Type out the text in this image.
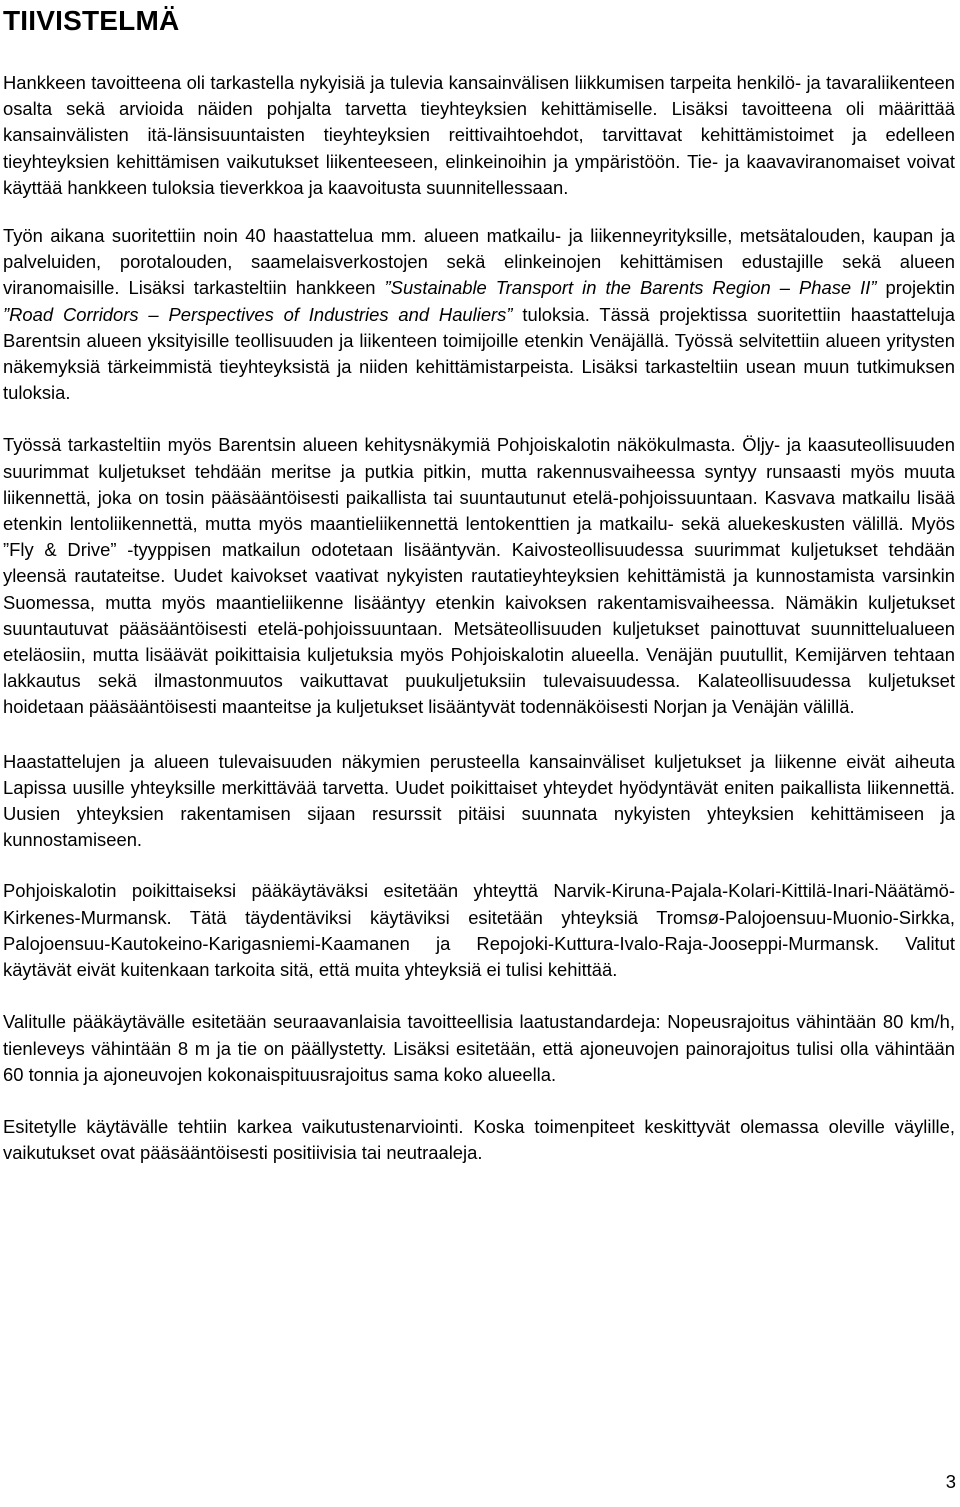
TIIVISTELMÄ

Hankkeen tavoitteena oli tarkastella nykyisiä ja tulevia kansainvälisen liikkumisen tarpeita henkilö- ja tavaraliikenteen osalta sekä arvioida näiden pohjalta tarvetta tieyhteyksien kehittämiselle. Lisäksi tavoitteena oli määrittää kansainvälisten itä-länsisuuntaisten tieyhteyksien reittivaihtoehdot, tarvittavat kehittämistoimet ja edelleen tieyhteyksien kehittämisen vaikutukset liikenteeseen, elinkeinoihin ja ympäristöön. Tie- ja kaavaviranomaiset voivat käyttää hankkeen tuloksia tieverkkoa ja kaavoitusta suunnitellessaan.

Työn aikana suoritettiin noin 40 haastattelua mm. alueen matkailu- ja liikenneyrityksille, metsätalouden, kaupan ja palveluiden, porotalouden, saamelaisverkostojen sekä elinkeinojen kehittämisen edustajille sekä alueen viranomaisille. Lisäksi tarkasteltiin hankkeen ”Sustainable Transport in the Barents Region – Phase II” projektin ”Road Corridors – Perspectives of Industries and Hauliers” tuloksia. Tässä projektissa suoritettiin haastatteluja Barentsin alueen yksityisille teollisuuden ja liikenteen toimijoille etenkin Venäjällä. Työssä selvitettiin alueen yritysten näkemyksiä tärkeimmistä tieyhteyksistä ja niiden kehittämistarpeista. Lisäksi tarkasteltiin usean muun tutkimuksen tuloksia.

Työssä tarkasteltiin myös Barentsin alueen kehitysnäkymiä Pohjoiskalotin näkökulmasta. Öljy- ja kaasuteollisuuden suurimmat kuljetukset tehdään meritse ja putkia pitkin, mutta rakennusvaiheessa syntyy runsaasti myös muuta liikennettä, joka on tosin pääsääntöisesti paikallista tai suuntautunut etelä-pohjoissuuntaan. Kasvava matkailu lisää etenkin lentoliikennettä, mutta myös maantieliikennettä lentokenttien ja matkailu- sekä aluekeskusten välillä. Myös ”Fly & Drive” -tyyppisen matkailun odotetaan lisääntyvän. Kaivosteollisuudessa suurimmat kuljetukset tehdään yleensä rautateitse. Uudet kaivokset vaativat nykyisten rautatieyhteyksien kehittämistä ja kunnostamista varsinkin Suomessa, mutta myös maantieliikenne lisääntyy etenkin kaivoksen rakentamisvaiheessa. Nämäkin kuljetukset suuntautuvat pääsääntöisesti etelä-pohjoissuuntaan. Metsäteollisuuden kuljetukset painottuvat suunnittelualueen eteläosiin, mutta lisäävät poikittaisia kuljetuksia myös Pohjoiskalotin alueella. Venäjän puutullit, Kemijärven tehtaan lakkautus sekä ilmastonmuutos vaikuttavat puukuljetuksiin tulevaisuudessa. Kalateollisuudessa kuljetukset hoidetaan pääsääntöisesti maanteitse ja kuljetukset lisääntyvät todennäköisesti Norjan ja Venäjän välillä.

Haastattelujen ja alueen tulevaisuuden näkymien perusteella kansainväliset kuljetukset ja liikenne eivät aiheuta Lapissa uusille yhteyksille merkittävää tarvetta. Uudet poikittaiset yhteydet hyödyntävät eniten paikallista liikennettä. Uusien yhteyksien rakentamisen sijaan resurssit pitäisi suunnata nykyisten yhteyksien kehittämiseen ja kunnostamiseen.

Pohjoiskalotin poikittaiseksi pääkäytäväksi esitetään yhteyttä Narvik-Kiruna-Pajala-Kolari-Kittilä-Inari-Näätämö-Kirkenes-Murmansk. Tätä täydentäviksi käytäviksi esitetään yhteyksiä Tromsø-Palojoensuu-Muonio-Sirkka, Palojoensuu-Kautokeino-Karigasniemi-Kaamanen ja Repojoki-Kuttura-Ivalo-Raja-Jooseppi-Murmansk. Valitut käytävät eivät kuitenkaan tarkoita sitä, että muita yhteyksiä ei tulisi kehittää.

Valitulle pääkäytävälle esitetään seuraavanlaisia tavoitteellisia laatustandardeja: Nopeusrajoitus vähintään 80 km/h, tienleveys vähintään 8 m ja tie on päällystetty. Lisäksi esitetään, että ajoneuvojen painorajoitus tulisi olla vähintään 60 tonnia ja ajoneuvojen kokonaispituusrajoitus sama koko alueella.

Esitetylle käytävälle tehtiin karkea vaikutustenarviointi. Koska toimenpiteet keskittyvät olemassa oleville väylille, vaikutukset ovat pääsääntöisesti positiivisia tai neutraaleja.

3
